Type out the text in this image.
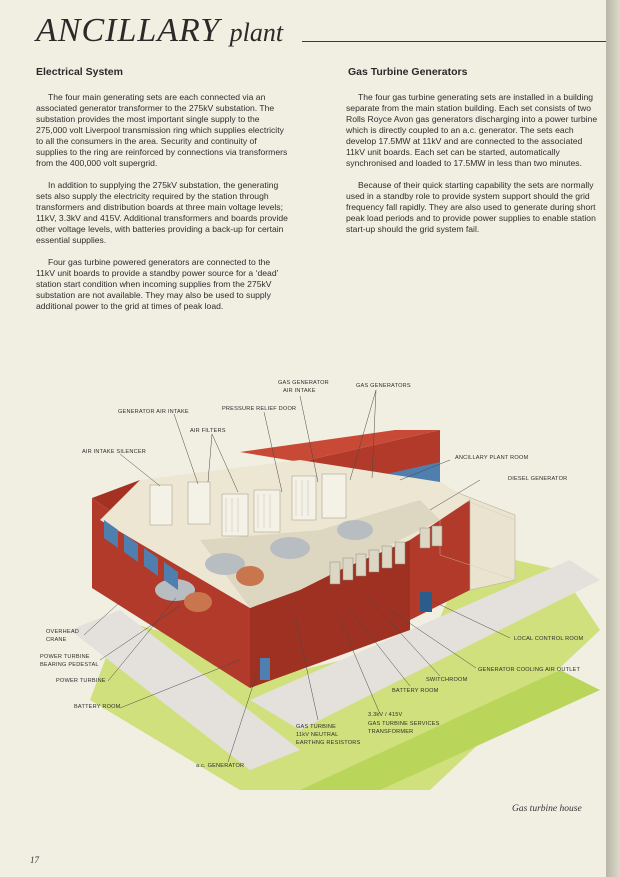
ANCILLARY plant
Electrical System	Gas Turbine Generators

The four main generating sets are each connected via an associated generator transformer to the 275kV substation. The substation provides the most important single supply to the 275,000 volt Liverpool transmission ring which supplies electricity to all the consumers in the area. Security and continuity of supplies to the ring are reinforced by connections via transformers from the 400,000 volt supergrid.

In addition to supplying the 275kV substation, the generating sets also supply the electricity required by the station through transformers and distribution boards at three main voltage levels; 11kV, 3.3kV and 415V. Additional transformers and boards provide other voltage levels, with batteries providing a back-up for certain essential supplies.

Four gas turbine powered generators are connected to the 11kV unit boards to provide a standby power source for a ‘dead’ station start condition when incoming supplies from the 275kV substation are not available. They may also be used to supply additional power to the grid at times of peak load.

The four gas turbine generating sets are installed in a building separate from the main station building. Each set consists of two Rolls Royce Avon gas generators discharging into a power turbine which is directly coupled to an a.c. generator. The sets each develop 17.5MW at 11kV and are connected to the associated 11kV unit boards. Each set can be started, automatically synchronised and loaded to 17.5MW in less than two minutes.

Because of their quick starting capability the sets are normally used in a standby role to provide system support should the grid frequency fall rapidly. They are also used to generate during short peak load periods and to provide power supplies to enable station start-up should the grid system fail.

GAS GENERATOR
AIR INTAKE
GAS GENERATORS
GENERATOR AIR INTAKE	PRESSURE RELIEF DOOR
AIR FILTERS
AIR INTAKE SILENCER
ANCILLARY PLANT ROOM
DIESEL GENERATOR
OVERHEAD
CRANE
POWER TURBINE
BEARING PEDESTAL
POWER TURBINE
BATTERY ROOM
LOCAL CONTROL ROOM
GENERATOR COOLING AIR OUTLET
SWITCHROOM
BATTERY ROOM
3.3kV / 415V
GAS TURBINE SERVICES
TRANSFORMER
GAS TURBINE
11kV NEUTRAL
EARTHNG RESISTORS
a.c. GENERATOR
Gas turbine house
17
